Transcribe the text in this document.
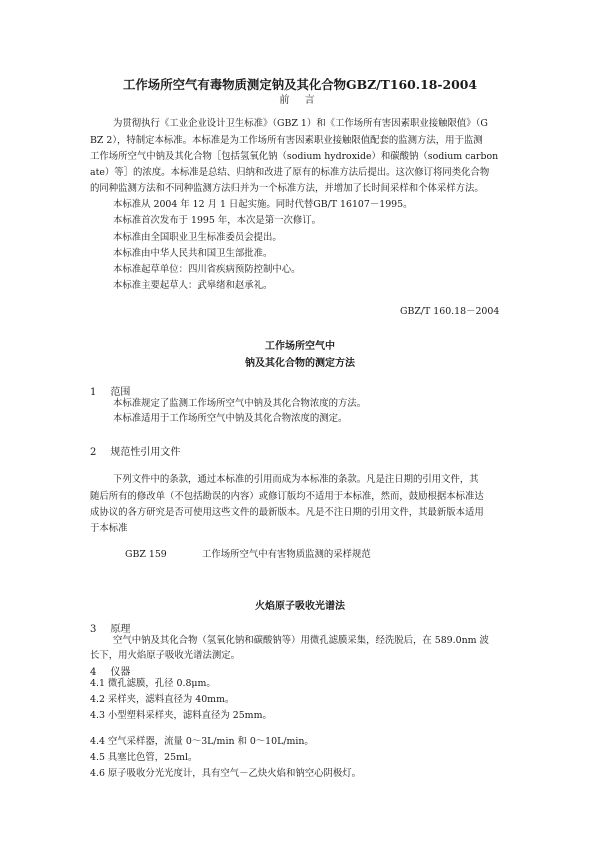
工作场所空气有毒物质测定钠及其化合物GBZ/T160.18-2004
前 言
为贯彻执行《工业企业设计卫生标准》（GBZ 1）和《工作场所有害因素职业接触限值》（G
BZ 2），特制定本标准。本标准是为工作场所有害因素职业接触限值配套的监测方法，用于监测
工作场所空气中钠及其化合物［包括氢氧化钠（sodium hydroxide）和碳酸钠（sodium carbon
ate）等］的浓度。本标准是总结、归纳和改进了原有的标准方法后提出。这次修订将同类化合物
的同种监测方法和不同种监测方法归并为一个标准方法，并增加了长时间采样和个体采样方法。
本标准从 2004 年 12 月 1 日起实施。同时代替GB/T 16107－1995。
本标准首次发布于 1995 年，本次是第一次修订。
本标准由全国职业卫生标准委员会提出。
本标准由中华人民共和国卫生部批准。
本标准起草单位：四川省疾病预防控制中心。
本标准主要起草人：武皋绪和赵承礼。
GBZ/T 160.18－2004
工作场所空气中
钠及其化合物的测定方法
1 范围
本标准规定了监测工作场所空气中钠及其化合物浓度的方法。
本标准适用于工作场所空气中钠及其化合物浓度的测定。
2 规范性引用文件
下列文件中的条款，通过本标准的引用而成为本标准的条款。凡是注日期的引用文件，其
随后所有的修改单（不包括勘误的内容）或修订版均不适用于本标准，然而，鼓励根据本标准达
成协议的各方研究是否可使用这些文件的最新版本。凡是不注日期的引用文件，其最新版本适用
于本标准
GBZ 159	工作场所空气中有害物质监测的采样规范
火焰原子吸收光谱法
3 原理
空气中钠及其化合物（氢氧化钠和碳酸钠等）用微孔滤膜采集，经洗脱后，在 589.0nm 波
长下，用火焰原子吸收光谱法测定。
4 仪器
4.1 微孔滤膜，孔径 0.8μm。
4.2 采样夹，滤料直径为 40mm。
4.3 小型塑料采样夹，滤料直径为 25mm。
4.4 空气采样器，流量 0～3L/min 和 0～10L/min。
4.5 具塞比色管，25ml。
4.6 原子吸收分光光度计，具有空气－乙炔火焰和钠空心阴极灯。
